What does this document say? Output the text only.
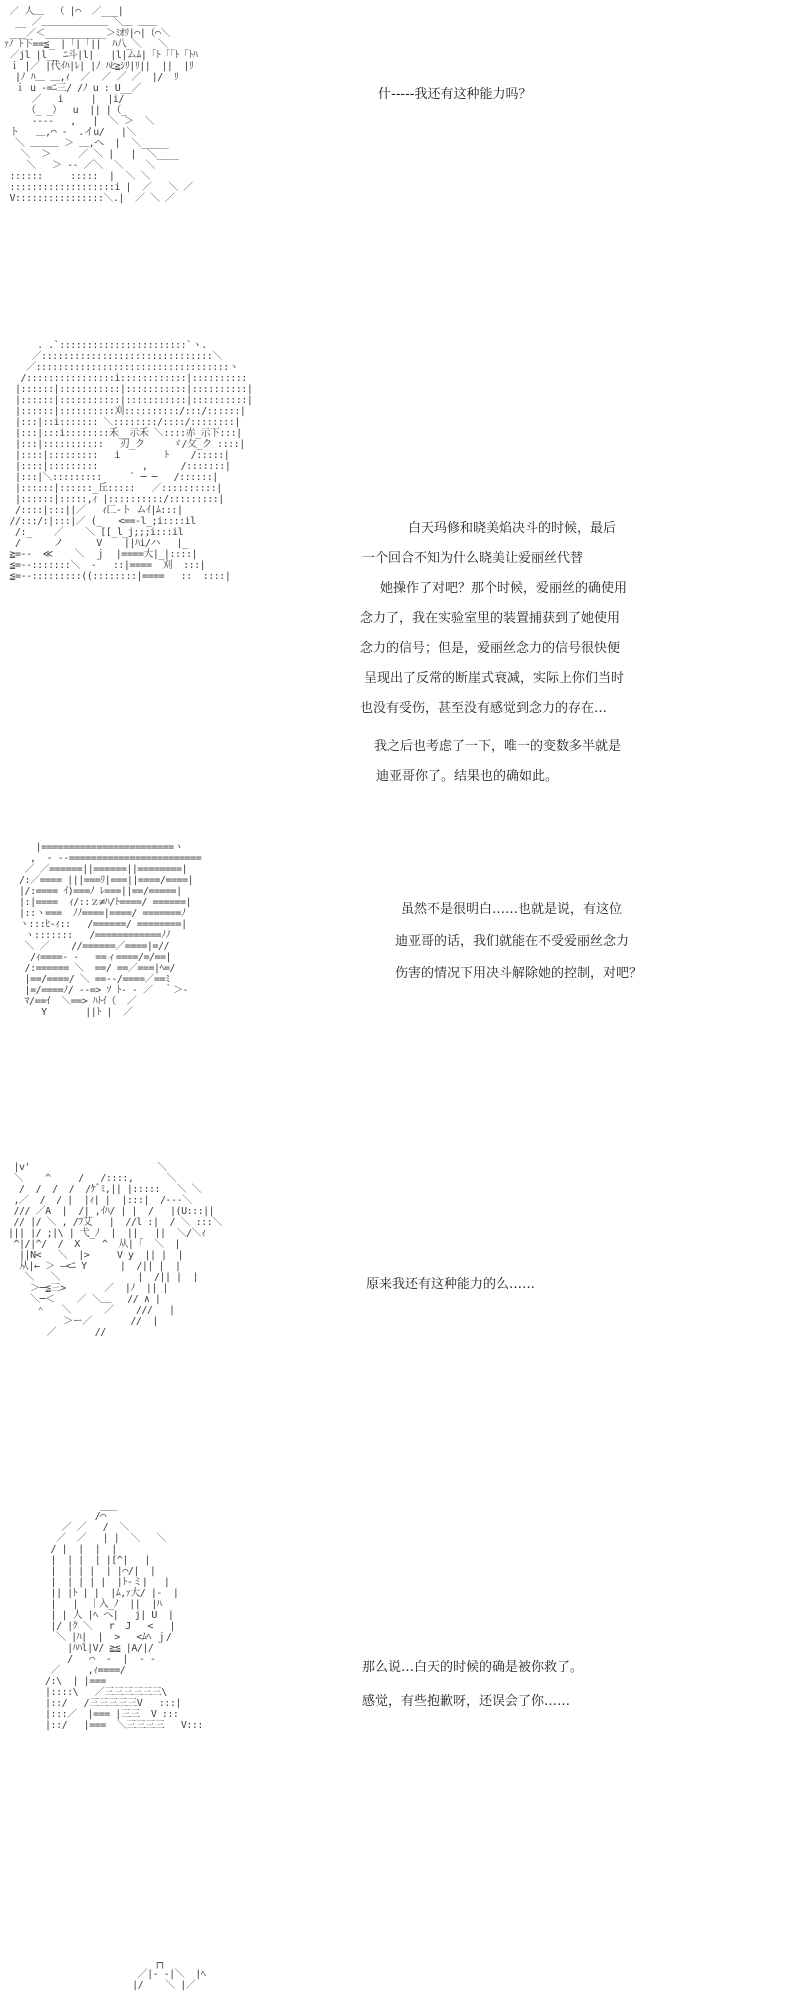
／ 人＿  （ |⌒  ／___|
__ ／＿＿＿＿＿＿＿ ＼＿ ＿＿
___／＜___________＞ﾐｵﾘ|⌒|（⌒＼
ｧﾉ ﾄ下==≦_ |「|「||  ﾊ八_＼   ＼
／jl |l__ ﾆ斗|l|   |l|ムﾑ|「ﾄ「「ﾄ「ﾄﾊ
ｉ |／ |代ｲﾊ|ﾚ| |ﾉ ﾊﾋ≧ｼﾘ|ﾘ||  ||  |ﾘ
|ﾉ ﾊ＿ ＿,ｨ  ／  ／ ／ ／  |/  ﾘ
ｉ u -=ﾆ三/ /ﾉ u : U__／
／   i     |  |i/
（_ _）  u  || |（_
‐‐‐‐   ,   |  ＼ ＞  ＼
ト   ＿,⌒ ‐  .イu/   |＼
＼ ＿＿＿ ＞ ＿,へ  |  ＼_____
＼  ＞     ／ ＼ |   |  ＼____
＼   ＞ ‐‐ ／＼  ＼    ＼
::::::     :::::  |  ＼ ＼
:::::::::::::::::::i |  ／   ＼ ／
V::::::::::::::::＼.|  ／ ＼ ／

什‐‐‐‐‐我还有这种能力吗？

. .`:::::::::::::::::::::::`ヽ.
／:::::::::::::::::::::::::::::::＼
／:::::::::::::::::::::::::::::::::::ヽ
/::::::::::::::::i::::::::::::|::::::::::
|::::::|:::::::::::|:::::::::::|::::::::::|
|::::::|:::::::::::|:::::::::::|::::::::::|
|::::::|::::::::::刈::::::::::/:::/::::::|
|:::|::i::::::: ＼::::::::/::::/::::::::|
|:::|:::i::::::::禾__示禾 ＼::::赤_示下:::|
|:::|:::::::::::   刃_ク     ゞ/攵_ク ::::|
|::::|:::::::::   i        ﾄ    /:::::|
|::::|:::::::::        ,      /:::::::|
|:::|＼:::::::::     ` ─ ─   /::::::|
|::::::|::::::_丘:::::   ／::::::::::|
|::::::|:::::,ｨ |::::::::::/:::::::::|
/::::|:::||／   ｨ匚‐ト ムｲ|ﾑ:::|
//:::/:|:::|／ (_   <==‐l_;i::::il
/:_    ／    ＼ [[_l_j;;;i:::il
/      ノ      V    ||ﾊi/ハ   |_
≧=‐‐  ≪    ＼  ｊ  |====大|_|::::|
≦=‐‐:::::::＼  ‐   ::|====  刈  :::|
≦=‐‐:::::::::((::::::::|====   ::  ::::|

白天玛修和晓美焰决斗的时候，最后

一个回合不知为什么晓美让爱丽丝代替

她操作了对吧？那个时候，爱丽丝的确使用

念力了，我在实验室里的装置捕获到了她使用

念力的信号；但是，爱丽丝念力的信号很快便

呈现出了反常的断崖式衰减，实际上你们当时

也没有受伤，甚至没有感觉到念力的存在…

我之后也考虑了一下，唯一的变数多半就是

迪亚哥你了。结果也的确如此。

|========================ヽ
,  ‐ ‐‐========================
／ ／======||======||========|
/:／==== |||===ﾘ|===||====/====|
|/:==== ｲ)===ﾉ ﾚ===||==/=====|
|:|====  ｨ/::ｚ≠ﾊ/ﾄ====/ ======|
|::ヽ===  ﾉﾉ====|====/ =======ﾉ
ヽ:::ﾋ‐ｨ::   /======/ ========|
ヽ:::::::   /============ﾉﾉ
＼ ／    //======／====|=//
/ｨ====- ‐   ==ィ====/=/==|
/:====== ＼  ==/ ==／===|ﾍ=/
|==/====/ ＼ ==‐‐/====／==ﾐ
|=/====ﾉ/ ‐‐=> ｿ ﾄ‐ ‐ ／  ｀＞-
ﾏ/==ｲ  ＼==> ﾊﾄｲ（  ／
Y       ||ﾄ |  ／

虽然不是很明白……也就是说，有这位

迪亚哥的话，我们就能在不受爱丽丝念力

伤害的情况下用决斗解除她的控制，对吧？

|v'                       ＼
＼    ^     /   /::::,      ＼
/  /  /  /  /ｹﾞﾐ,|| |:::::   ＼ ＼
,／  /  / |  |ｨ| |  |:::|  /-‐-＼
/// ／A  |  /| ,ｲﾊ/ | |  /   |(U:::||
// |/ ＼ , /ﾌ艾   |  //l :|  / ＼ :::＼
||| |/ ;|\ | 弋_ﾉ  |  ||   ||  ＼/＼ｨ
^|/|^/  /  X    ^  从|「  ＼  |
||N<   ＼  |>     V y  || |  |
从|← ＞ ―<ﾆ Y      |  /|| |  |
＼   ＼              |  /|| |  |
＞─≦三>       ／  |ﾉ  || |
＼─＜    ／ ＼＿   // ∧ |
＾   ＼      ／    ///   |
＞ー／       //  |
／       //

原来我还有这种能力的么……

___
/⌒
／ ／   /  ＼
／  ／   | |  ＼   ＼
/ |  |  |  |
|  | |  | |[^|   |
|  | | |  | |⌒/|  |
|  | | | |  |ﾄ‐ミ|   |
|| |ﾄ | |  |ﾑ,ｧ大/ |‐  |
|   |  ｜入_ﾉ  ||  |ﾊ
| | 人 |ﾍ へ|   j| U  |
|/ |ｸ ＼   r  J   <   |
＼ |ﾊ|  |  >   <ﾑﾍ ｊ/
|ﾊﾊl|V/ ≧≦ |A/|/
/   ⌒  ‐  |  ‐ ‐
／     ,ｨ====/
/:\  | |===
|::::\   ／三三三三三三\
|::/   /三三三三三V   :::|
|:::／  |=== |三三  V :::
|::/   |===  ＼三三三三   V:::

那么说…白天的时候的确是被你救了。

感觉，有些抱歉呀，还误会了你……

┌┐
／|‐ ‐|＼  |ﾍ
|/    ＼ |／
